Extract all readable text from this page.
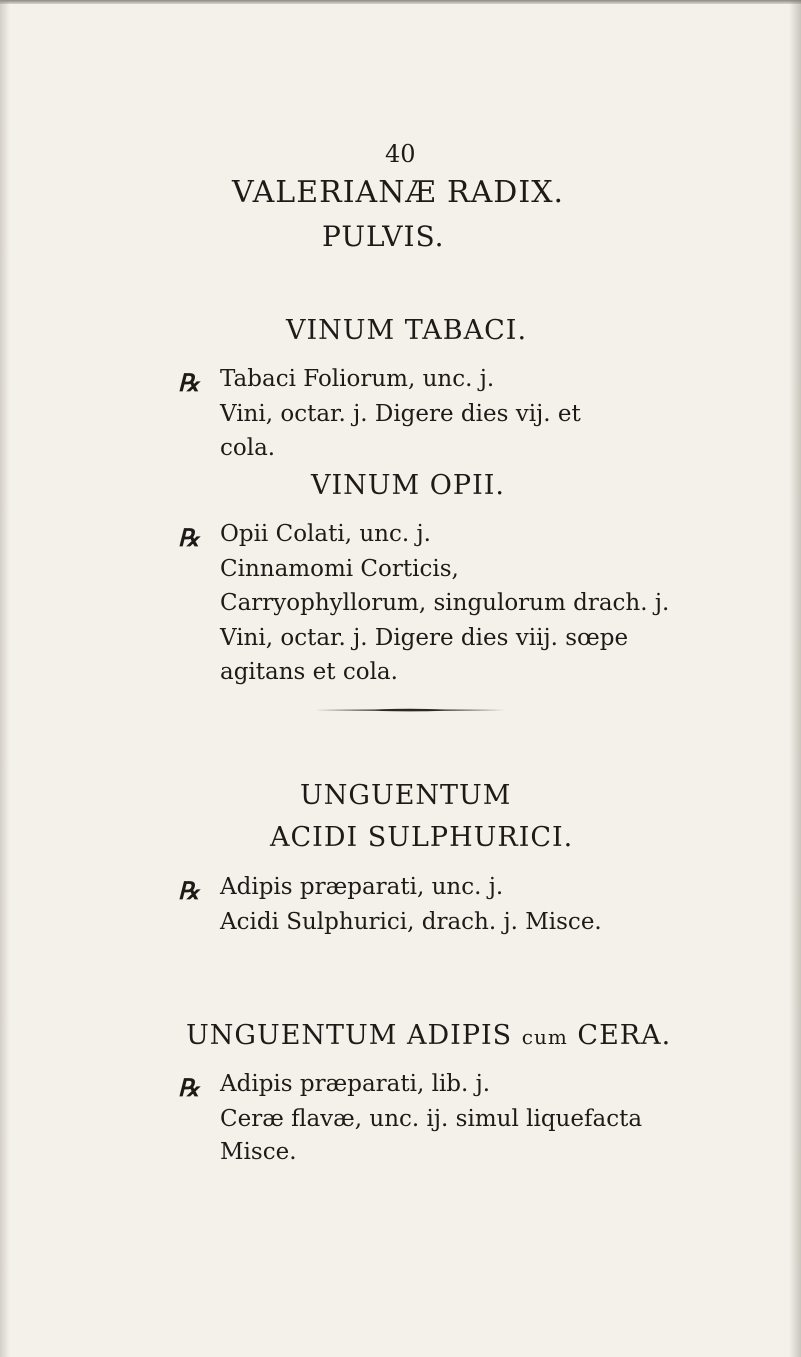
40
VALERIANÆ RADIX.
PULVIS.
VINUM TABACI.
℞ Tabaci Foliorum, unc. j.
Vini, octar. j. Digere dies vij. et
cola.
VINUM OPII.
℞ Opii Colati, unc. j.
Cinnamomi Corticis,
Carryophyllorum, singulorum drach. j.
Vini, octar. j. Digere dies viij. sœpe
agitans et cola.
UNGUENTUM
ACIDI SULPHURICI.
℞ Adipis præparati, unc. j.
Acidi Sulphurici, drach. j. Misce.
UNGUENTUM ADIPIS cum CERA.
℞ Adipis præparati, lib. j.
Ceræ flavæ, unc. ij. simul liquefacta
Misce.
